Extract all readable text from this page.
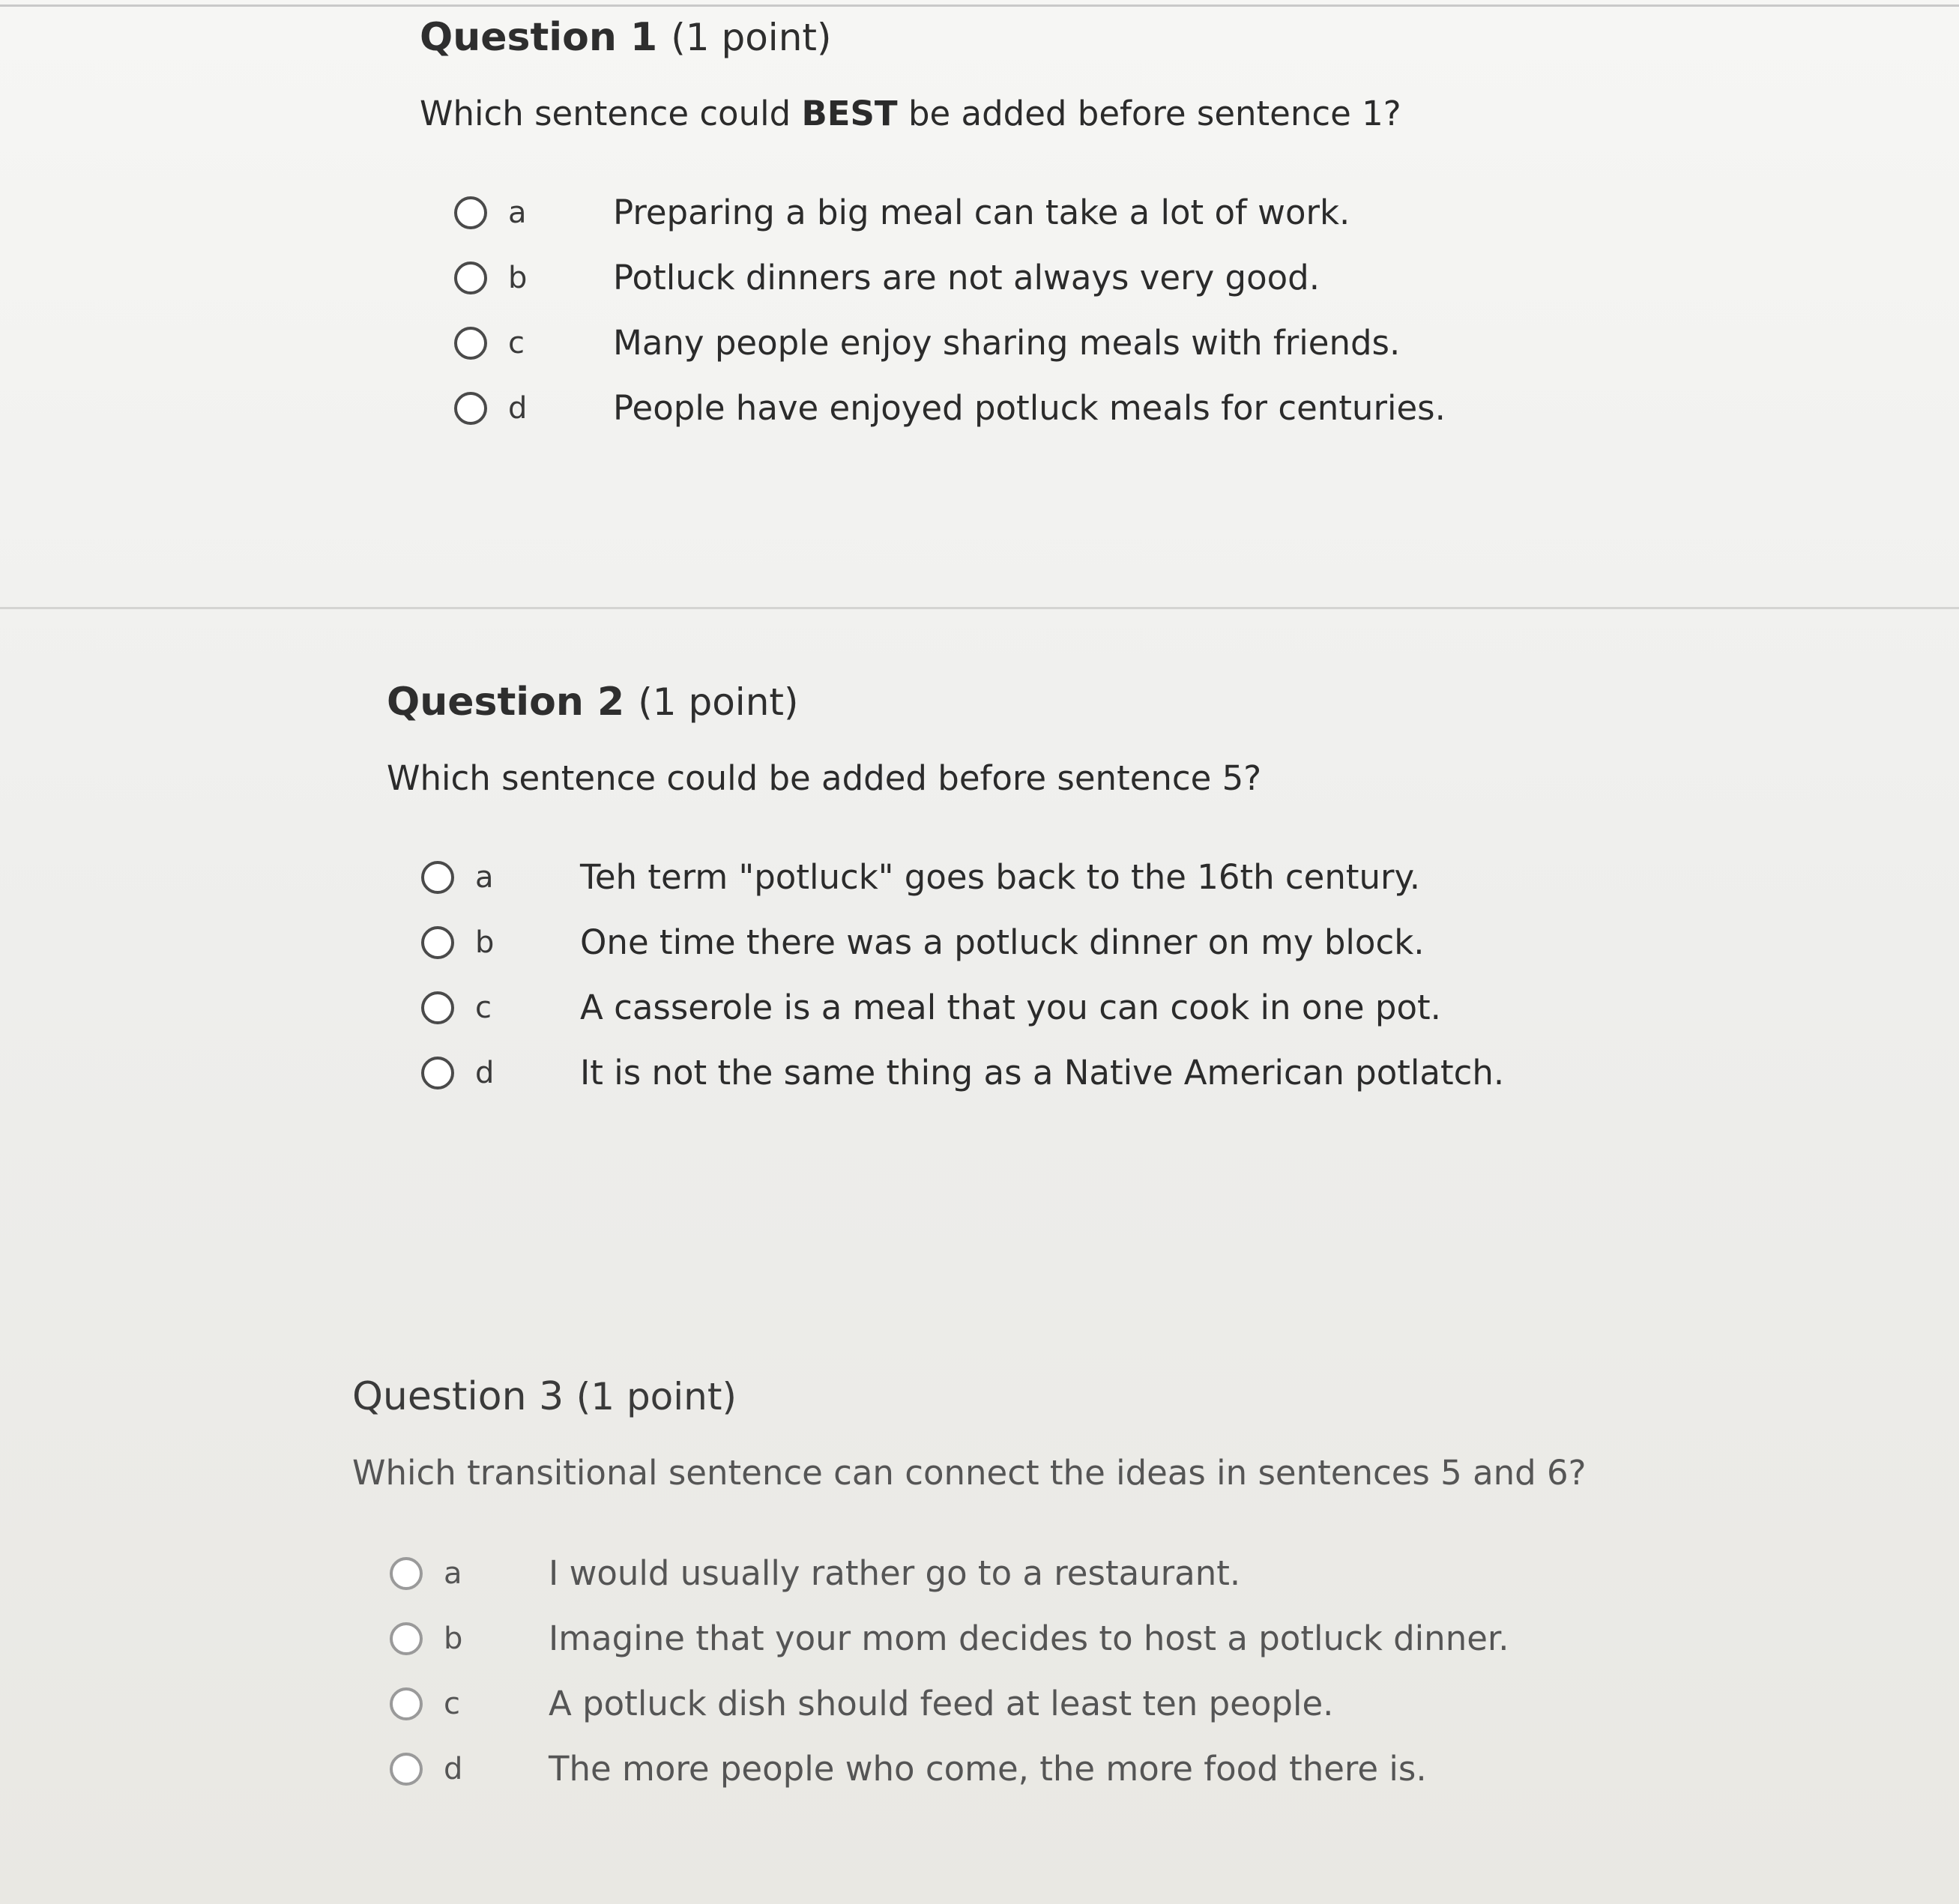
Question 1 (1 point)

Which sentence could BEST be added before sentence 1?

a	Preparing a big meal can take a lot of work.
b	Potluck dinners are not always very good.
c	Many people enjoy sharing meals with friends.
d	People have enjoyed potluck meals for centuries.
Question 2 (1 point)

Which sentence could be added before sentence 5?

a	Teh term "potluck" goes back to the 16th century.
b	One time there was a potluck dinner on my block.
c	A casserole is a meal that you can cook in one pot.
d	It is not the same thing as a Native American potlatch.
Question 3 (1 point)

Which transitional sentence can connect the ideas in sentences 5 and 6?

a	I would usually rather go to a restaurant.
b	Imagine that your mom decides to host a potluck dinner.
c	A potluck dish should feed at least ten people.
d	The more people who come, the more food there is.
